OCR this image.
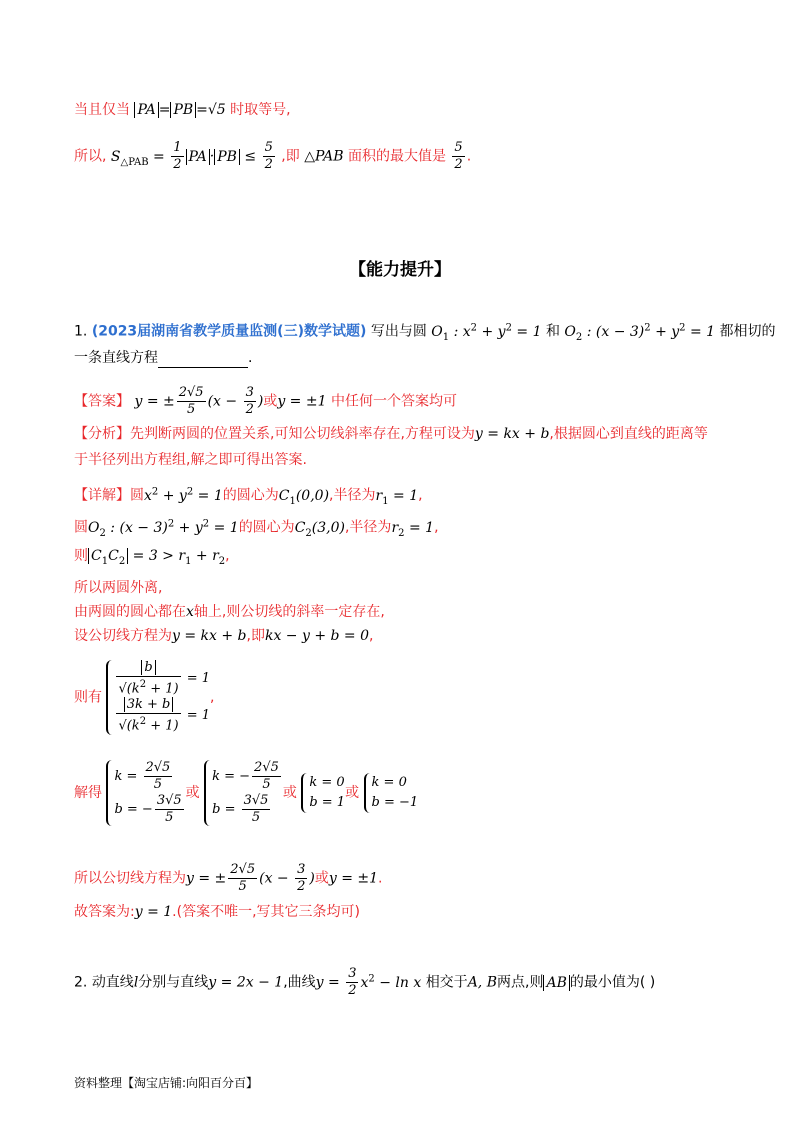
当且仅当 PA = PB =√5 时取等号,
所以, $S_{\triangle PAB} = \frac{1}{2}$ PA · PB ≤ $\frac{5}{2}$ ,即 △PAB 面积的最大值是 $\frac{5}{2}$ .
【能力提升】
1. (2023届湖南省教学质量监测(三)数学试题) 写出与圆 $O_1$ : $x^2 + y^2 = 1$ 和 $O_2$ : $(x - 3)^2 + y^2 = 1$ 都相切的
一条直线方程	.
【答案】 y = ± $\frac{2√5}{5} (x - \frac{3}{2}$ )或y = ±1 中任何一个答案均可
【分析】先判断两圆的位置关系,可知公切线斜率存在,方程可设为y = kx + b,根据圆心到直线的距离等
于半径列出方程组,解之即可得出答案.
【详解】圆$x^2 + y^2 = 1$的圆心为$C_1(0,0)$,半径为$r_1 = 1$,
圆$O_2$ : $(x - 3)^2 + y^2 = 1$的圆心为$C_2(3,0)$,半径为$r_2 = 1$,
则 $C_1C_2 = 3 > r_1 + r_2$,
所以两圆外离,
由两圆的圆心都在x轴上,则公切线的斜率一定存在,
设公切线方程为y = kx + b,即kx − y + b = 0,
则有 $\frac{b}{√(k^2 + 1)} = 1$
$\frac{3k + b}{√(k^2 + 1)} = 1$
,
解得
$k = \frac{2√5}{5}$
b = − $\frac{3√5}{5}$ 或
k = − $\frac{2√5}{5}$
$b = \frac{3√5}{5}$ 或
k = 0
b = 1
或
k = 0
b = −1
所以公切线方程为y = ± $\frac{2√5}{5} (x - \frac{3}{2}$ )或y = ±1.
故答案为:y = 1.(答案不唯一,写其它三条均可)
2. 动直线l分别与直线y = 2x − 1,曲线$y = \frac{3}{2} x^2 - \ln x$ 相交于A, B两点,则 AB 的最小值为( )
资料整理【淘宝店铺:向阳百分百】
